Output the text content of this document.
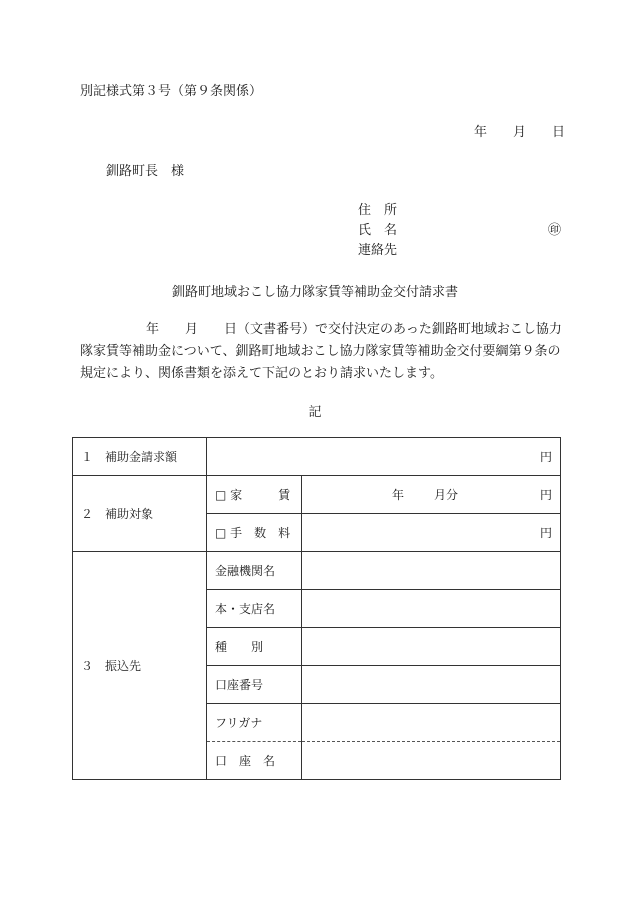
別記様式第３号（第９条関係）
年 月 日
釧路町長　様
住　所
氏　名	㊞
連絡先
釧路町地域おこし協力隊家賃等補助金交付請求書
年　　月　　日（文書番号）で交付決定のあった釧路町地域おこし協力隊家賃等補助金について、釧路町地域おこし協力隊家賃等補助金交付要綱第９条の規定により、関係書類を添えて下記のとおり請求いたします。
記
１　補助金請求額	円	
２　補助対象	□ 家　　　賃	年 月分 円

	□ 手　数　料	円
３　振込先	金融機関名	

	本・支店名	

	種　　別	

	口座番号	

	フリガナ	

	口　座　名	
